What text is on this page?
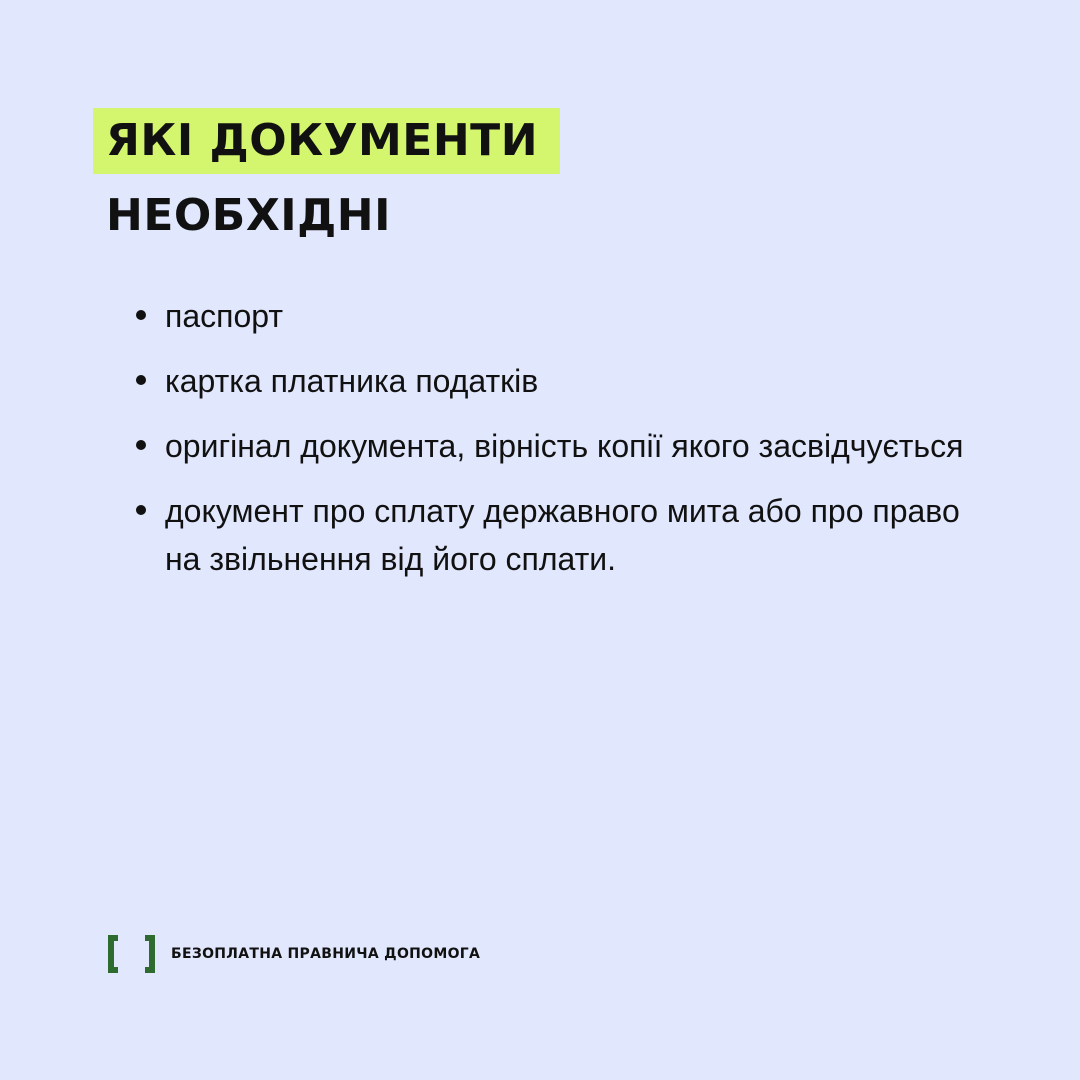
ЯКІ ДОКУМЕНТИ
НЕОБХІДНІ
паспорт
картка платника податків
оригінал документа, вірність копії якого засвідчується
документ про сплату державного мита або про право на звільнення від його сплати.
БЕЗОПЛАТНА ПРАВНИЧА ДОПОМОГА
